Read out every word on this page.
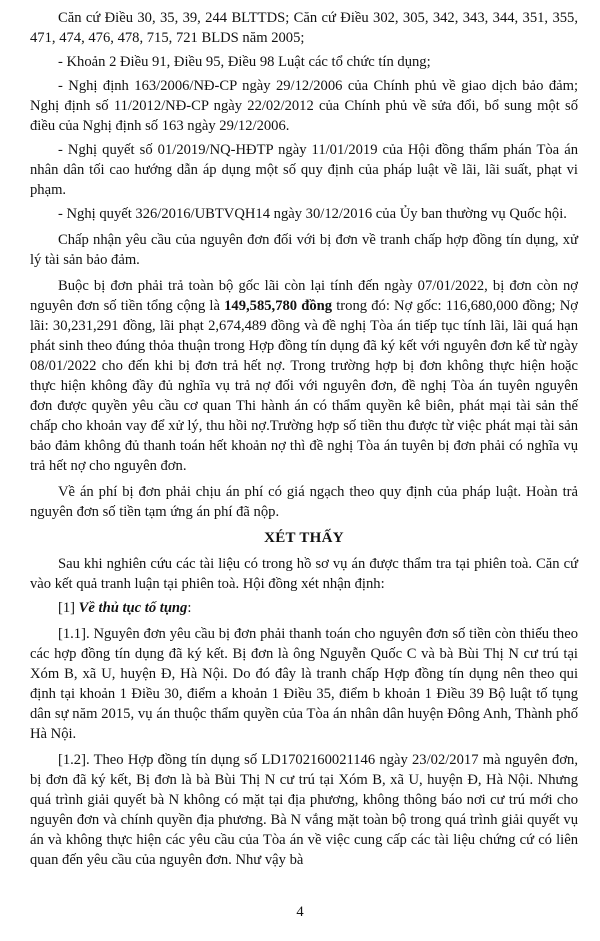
Căn cứ Điều 30, 35, 39, 244 BLTTDS; Căn cứ Điều 302, 305, 342, 343, 344, 351, 355, 471, 474, 476, 478, 715, 721 BLDS năm 2005;

- Khoản 2 Điều 91, Điều 95, Điều 98 Luật các tổ chức tín dụng;

- Nghị định 163/2006/NĐ-CP ngày 29/12/2006 của Chính phủ về giao dịch bảo đảm; Nghị định số 11/2012/NĐ-CP ngày 22/02/2012 của Chính phủ về sửa đổi, bổ sung một số điều của Nghị định số 163 ngày 29/12/2006.

- Nghị quyết số 01/2019/NQ-HĐTP ngày 11/01/2019 của Hội đồng thẩm phán Tòa án nhân dân tối cao hướng dẫn áp dụng một số quy định của pháp luật về lãi, lãi suất, phạt vi phạm.

- Nghị quyết 326/2016/UBTVQH14 ngày 30/12/2016 của Ủy ban thường vụ Quốc hội.

Chấp nhận yêu cầu của nguyên đơn đối với bị đơn về tranh chấp hợp đồng tín dụng, xử lý tài sản bảo đảm.

Buộc bị đơn phải trả toàn bộ gốc lãi còn lại tính đến ngày 07/01/2022, bị đơn còn nợ nguyên đơn số tiền tổng cộng là 149,585,780 đồng trong đó: Nợ gốc: 116,680,000 đồng; Nợ lãi: 30,231,291 đồng, lãi phạt 2,674,489 đồng và đề nghị Tòa án tiếp tục tính lãi, lãi quá hạn phát sinh theo đúng thỏa thuận trong Hợp đồng tín dụng đã ký kết với nguyên đơn kể từ ngày 08/01/2022 cho đến khi bị đơn trả hết nợ. Trong trường hợp bị đơn không thực hiện hoặc thực hiện không đầy đủ nghĩa vụ trả nợ đối với nguyên đơn, đề nghị Tòa án tuyên nguyên đơn được quyền yêu cầu cơ quan Thi hành án có thẩm quyền kê biên, phát mại tài sản thế chấp cho khoản vay để xử lý, thu hồi nợ.Trường hợp số tiền thu được từ việc phát mại tài sản bảo đảm không đủ thanh toán hết khoản nợ thì đề nghị Tòa án tuyên bị đơn phải có nghĩa vụ trả hết nợ cho nguyên đơn.

Về án phí bị đơn phải chịu án phí có giá ngạch theo quy định của pháp luật. Hoàn trả nguyên đơn số tiền tạm ứng án phí đã nộp.

XÉT THẤY

Sau khi nghiên cứu các tài liệu có trong hồ sơ vụ án được thẩm tra tại phiên toà. Căn cứ vào kết quả tranh luận tại phiên toà. Hội đồng xét nhận định:

[1] Về thủ tục tố tụng:

[1.1]. Nguyên đơn yêu cầu bị đơn phải thanh toán cho nguyên đơn số tiền còn thiếu theo các hợp đồng tín dụng đã ký kết. Bị đơn là ông Nguyễn Quốc C và bà Bùi Thị N cư trú tại Xóm B, xã U, huyện Đ, Hà Nội. Do đó đây là tranh chấp Hợp đồng tín dụng nên theo qui định tại khoản 1 Điều 30, điểm a khoản 1 Điều 35, điểm b khoản 1 Điều 39 Bộ luật tố tụng dân sự năm 2015, vụ án thuộc thẩm quyền của Tòa án nhân dân huyện Đông Anh, Thành phố Hà Nội.

[1.2]. Theo Hợp đồng tín dụng số LD1702160021146 ngày 23/02/2017 mà nguyên đơn, bị đơn đã ký kết, Bị đơn là bà Bùi Thị N cư trú tại Xóm B, xã U, huyện Đ, Hà Nội. Nhưng quá trình giải quyết bà N không có mặt tại địa phương, không thông báo nơi cư trú mới cho nguyên đơn và chính quyền địa phương. Bà N vắng mặt toàn bộ trong quá trình giải quyết vụ án và không thực hiện các yêu cầu của Tòa án về việc cung cấp các tài liệu chứng cứ có liên quan đến yêu cầu của nguyên đơn. Như vậy bà

4
